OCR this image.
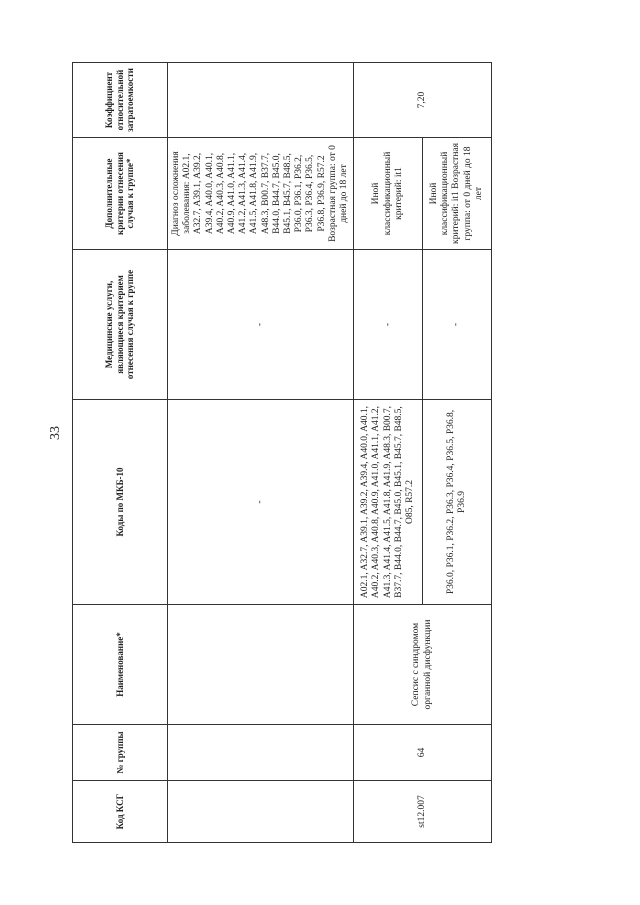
33
Код КСГ	№ группы	Наименование*	Коды по МКБ-10	Медицинские услуги, являющиеся критерием отнесения случая к группе	Дополнительные критерии отнесения случая к группе*	Коэффициент относительной затратоемкости
			-	-	Диагноз осложнения заболевания: A02.1, A32.7, A39.1, A39.2, A39.4, A40.0, A40.1, A40.2, A40.3, A40.8, A40.9, A41.0, A41.1, A41.2, A41.3, A41.4, A41.5, A41.8, A41.9, A48.3, B00.7, B37.7, B44.0, B44.7, B45.0, B45.1, B45.7, B48.5, P36.0, P36.1, P36.2, P36.3, P36.4, P36.5, P36.8, P36.9, R57.2 Возрастная группа: от 0 дней до 18 лет	
st12.007	64	Сепсис с синдромом органной дисфункции	A02.1, A32.7, A39.1, A39.2, A39.4, A40.0, A40.1, A40.2, A40.3, A40.8, A40.9, A41.0, A41.1, A41.2, A41.3, A41.4, A41.5, A41.8, A41.9, A48.3, B00.7, B37.7, B44.0, B44.7, B45.0, B45.1, B45.7, B48.5, O85, R57.2	-	Иной классификационный критерий: it1	7,20
			P36.0, P36.1, P36.2, P36.3, P36.4, P36.5, P36.8, P36.9	-	Иной классификационный критерий: it1 Возрастная группа: от 0 дней до 18 лет	
